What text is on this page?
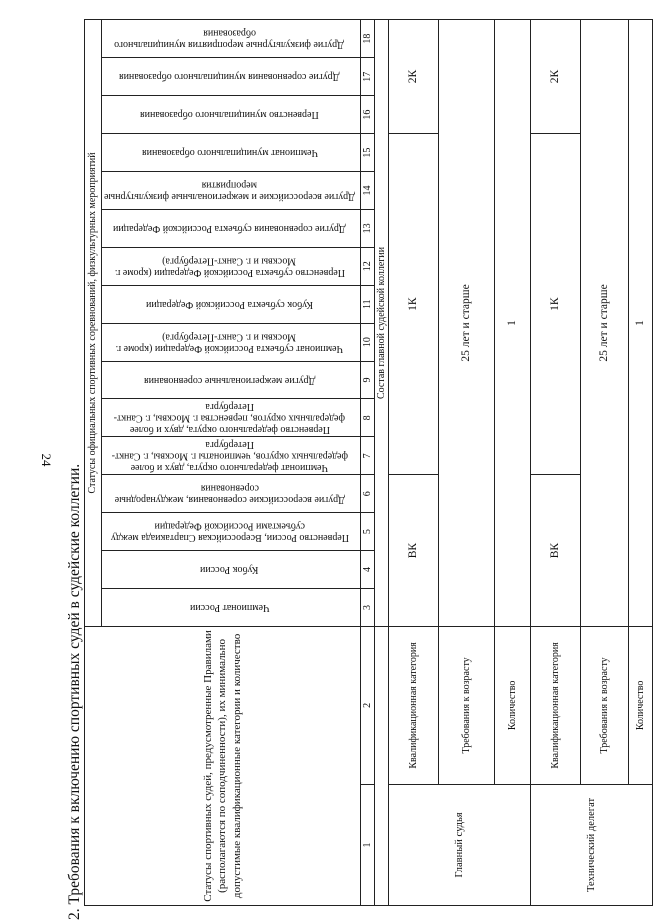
24
2. Требования к включению спортивных судей в судейские коллегии.	Статусы спортивных судей, предусмотренные Правилами (располагаются по соподчиненности), их минимально допустимые квалификационные категории и количество		Статусы официальных спортивных соревнований, физкультурных мероприятий															
		Чемпионат России	Кубок России	Первенство России, Всероссийская Спартакиада между субъектами Российской Федерации	Другие всероссийские соревнования, международные соревнования	Чемпионат федерального округа, двух и более федеральных округов, чемпионаты г. Москвы, г. Санкт-Петербурга	Первенство федерального округа, двух и более федеральных округов, первенства г. Москвы, г. Санкт-Петербурга	Другие межрегиональные соревнования	Чемпионат субъекта Российской Федерации (кроме г. Москвы и г. Санкт-Петербурга)	Кубок субъекта Российской Федерации	Первенство субъекта Российской Федерации (кроме г. Москвы и г. Санкт-Петербурга)	Другие соревнования субъекта Российской Федерации	Другие всероссийские и межрегиональные физкультурные мероприятия	Чемпионат муниципального образования	Первенство муниципального образования	Другие соревнования муниципального образования	Другие физкультурные мероприятия муниципального образования
1	2	3	4	5	6	7	8	9	10	11	12	13	14	15	16	17	18
		Состав главной судейской коллегии															
Главный судья	Квалификационная категория	ВК				1К									2К		
	Требования к возрасту	25 лет и старше															
	Количество	1															
Технический делегат	Квалификационная категория	ВК				1К									2К		
	Требования к возрасту	25 лет и старше															
	Количество	1															
